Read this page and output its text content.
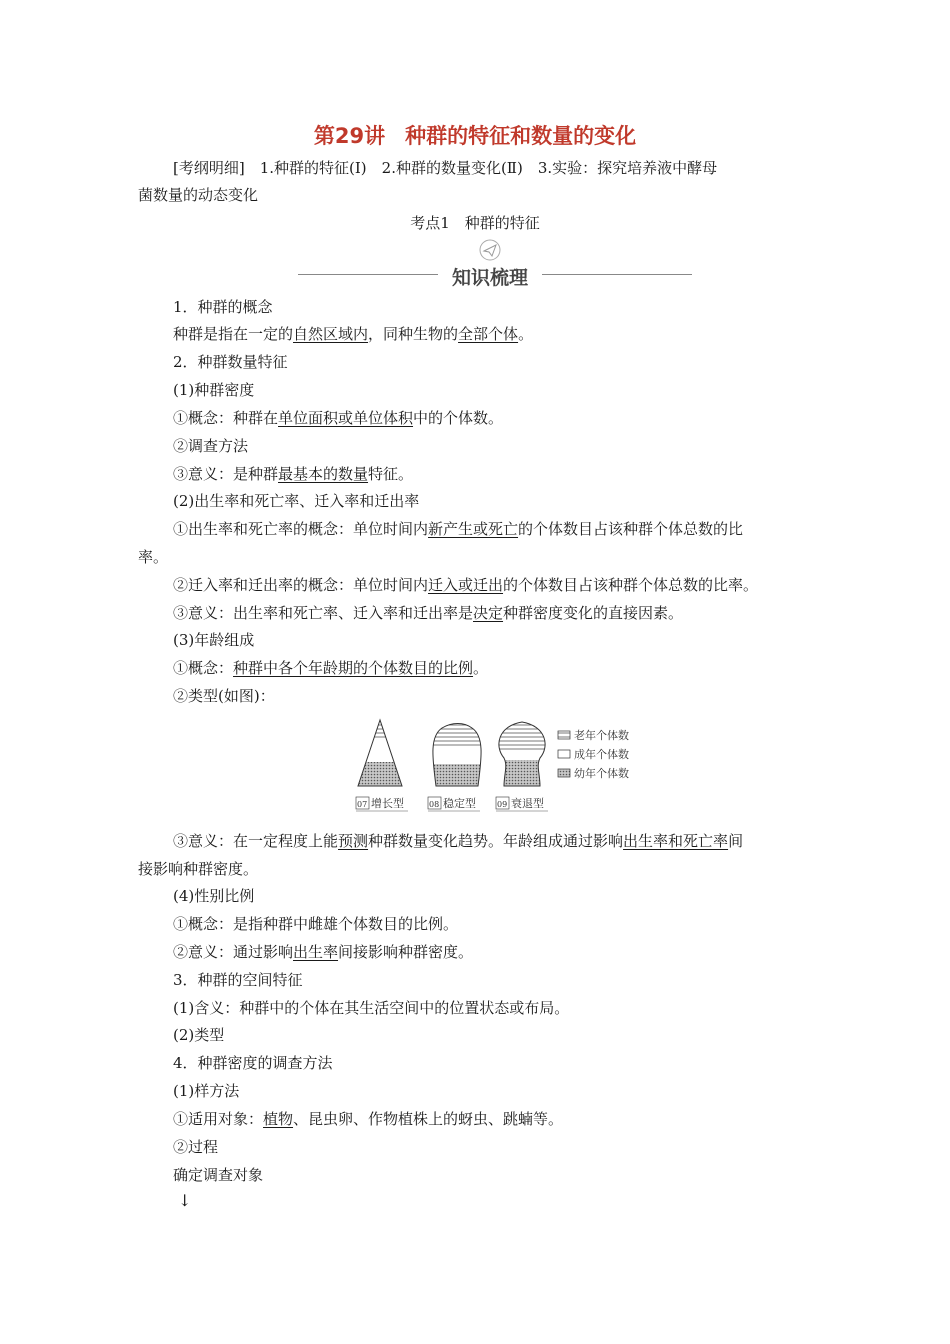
第29讲 种群的特征和数量的变化
[考纲明细]　1.种群的特征(Ⅰ)　2.种群的数量变化(Ⅱ)　3.实验：探究培养液中酵母
菌数量的动态变化
考点1　种群的特征
知识梳理
1．种群的概念
种群是指在一定的自然区域内，同种生物的全部个体。
2．种群数量特征
(1)种群密度
①概念：种群在单位面积或单位体积中的个体数。
②调查方法
③意义：是种群最基本的数量特征。
(2)出生率和死亡率、迁入率和迁出率
①出生率和死亡率的概念：单位时间内新产生或死亡的个体数目占该种群个体总数的比
率。
②迁入率和迁出率的概念：单位时间内迁入或迁出的个体数目占该种群个体总数的比率。
③意义：出生率和死亡率、迁入率和迁出率是决定种群密度变化的直接因素。
(3)年龄组成
①概念：种群中各个年龄期的个体数目的比例。
②类型(如图)：
老年个体数
成年个体数
幼年个体数
07 增长型	08 稳定型	09 衰退型
③意义：在一定程度上能预测种群数量变化趋势。年龄组成通过影响出生率和死亡率间
接影响种群密度。
(4)性别比例
①概念：是指种群中雌雄个体数目的比例。
②意义：通过影响出生率间接影响种群密度。
3．种群的空间特征
(1)含义：种群中的个体在其生活空间中的位置状态或布局。
(2)类型
4．种群密度的调查方法
(1)样方法
①适用对象：植物、昆虫卵、作物植株上的蚜虫、跳蝻等。
②过程
确定调查对象
↓
